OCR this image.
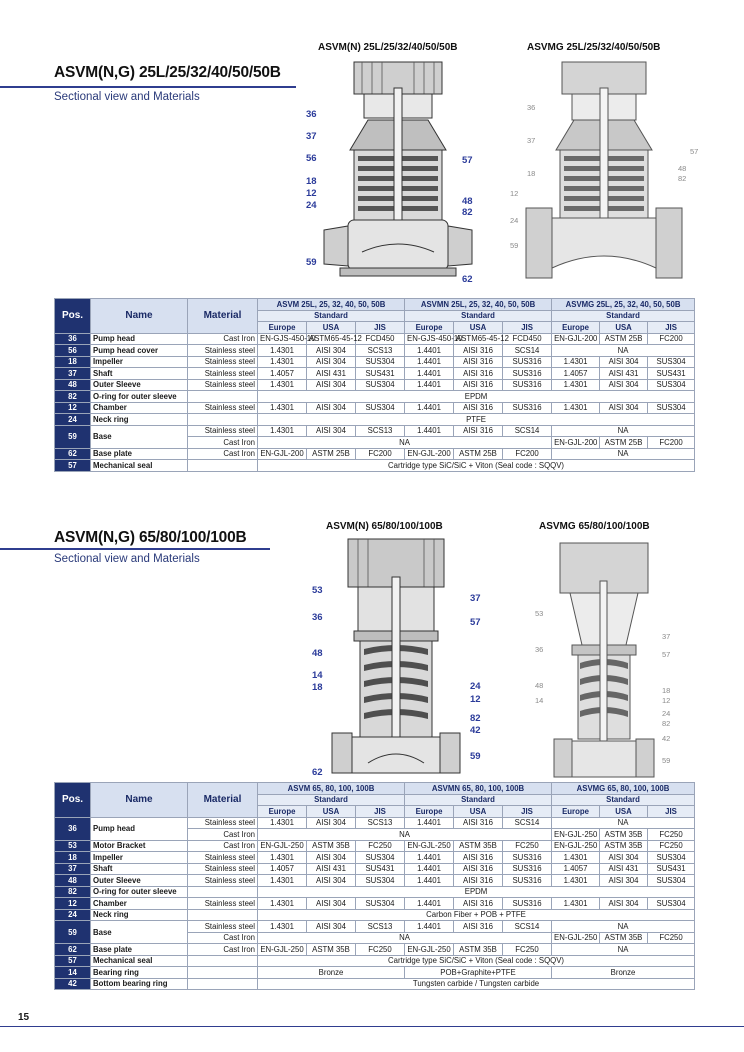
ASVM(N,G) 25L/25/32/40/50/50B
Sectional view and Materials
ASVM(N) 25L/25/32/40/50/50B	ASVMG 25L/25/32/40/50/50B
36
37
56	57
18
12
24	48
82
59
62
36
37
57
48
82
18
12
24
59
Pos.	Name	Material	ASVM 25L, 25, 32, 40, 50, 50B			ASVMN 25L, 25, 32, 40, 50, 50B			ASVMG 25L, 25, 32, 40, 50, 50B		
			Standard			Standard			Standard		
			Europe	USA	JIS	Europe	USA	JIS	Europe	USA	JIS
36	Pump head	Cast Iron	EN-GJS-450-10	ASTM65-45-12	FCD450	EN-GJS-450-10	ASTM65-45-12	FCD450	EN-GJL-200	ASTM 25B	FC200
56	Pump head cover	Stainless steel	1.4301	AISI 304	SCS13	1.4401	AISI 316	SCS14	NA		
18	Impeller	Stainless steel	1.4301	AISI 304	SUS304	1.4401	AISI 316	SUS316	1.4301	AISI 304	SUS304
37	Shaft	Stainless steel	1.4057	AISI 431	SUS431	1.4401	AISI 316	SUS316	1.4057	AISI 431	SUS431
48	Outer Sleeve	Stainless steel	1.4301	AISI 304	SUS304	1.4401	AISI 316	SUS316	1.4301	AISI 304	SUS304
82	O-ring for outer sleeve		EPDM								
12	Chamber	Stainless steel	1.4301	AISI 304	SUS304	1.4401	AISI 316	SUS316	1.4301	AISI 304	SUS304
24	Neck ring		PTFE								
59	Base	Stainless steel	1.4301	AISI 304	SCS13	1.4401	AISI 316	SCS14	NA		
		Cast Iron	NA						EN-GJL-200	ASTM 25B	FC200
62	Base plate	Cast Iron	EN-GJL-200	ASTM 25B	FC200	EN-GJL-200	ASTM 25B	FC200	NA		
57	Mechanical seal		Cartridge type SiC/SiC + Viton (Seal code : SQQV)								
ASVM(N,G) 65/80/100/100B
Sectional view and Materials
ASVM(N) 65/80/100/100B	ASVMG 65/80/100/100B
53
37
36	57
48
14
18	24
12
82
42
59
62
53
37
36
57
48
14
18
12
24
82
42
59
Pos.	Name	Material	ASVM 65, 80, 100, 100B			ASVMN 65, 80, 100, 100B			ASVMG 65, 80, 100, 100B		
			Standard			Standard			Standard		
			Europe	USA	JIS	Europe	USA	JIS	Europe	USA	JIS
36	Pump head	Stainless steel	1.4301	AISI 304	SCS13	1.4401	AISI 316	SCS14	NA		
		Cast Iron	NA						EN-GJL-250	ASTM 35B	FC250
53	Motor Bracket	Cast Iron	EN-GJL-250	ASTM 35B	FC250	EN-GJL-250	ASTM 35B	FC250	EN-GJL-250	ASTM 35B	FC250
18	Impeller	Stainless steel	1.4301	AISI 304	SUS304	1.4401	AISI 316	SUS316	1.4301	AISI 304	SUS304
37	Shaft	Stainless steel	1.4057	AISI 431	SUS431	1.4401	AISI 316	SUS316	1.4057	AISI 431	SUS431
48	Outer Sleeve	Stainless steel	1.4301	AISI 304	SUS304	1.4401	AISI 316	SUS316	1.4301	AISI 304	SUS304
82	O-ring for outer sleeve		EPDM								
12	Chamber	Stainless steel	1.4301	AISI 304	SUS304	1.4401	AISI 316	SUS316	1.4301	AISI 304	SUS304
24	Neck ring		Carbon Fiber + POB + PTFE								
59	Base	Stainless steel	1.4301	AISI 304	SCS13	1.4401	AISI 316	SCS14	NA		
		Cast Iron	NA						EN-GJL-250	ASTM 35B	FC250
62	Base plate	Cast Iron	EN-GJL-250	ASTM 35B	FC250	EN-GJL-250	ASTM 35B	FC250	NA		
57	Mechanical seal		Cartridge type SiC/SiC + Viton (Seal code : SQQV)								
14	Bearing ring		Bronze			POB+Graphite+PTFE			Bronze		
42	Bottom bearing ring		Tungsten carbide / Tungsten carbide								
15
